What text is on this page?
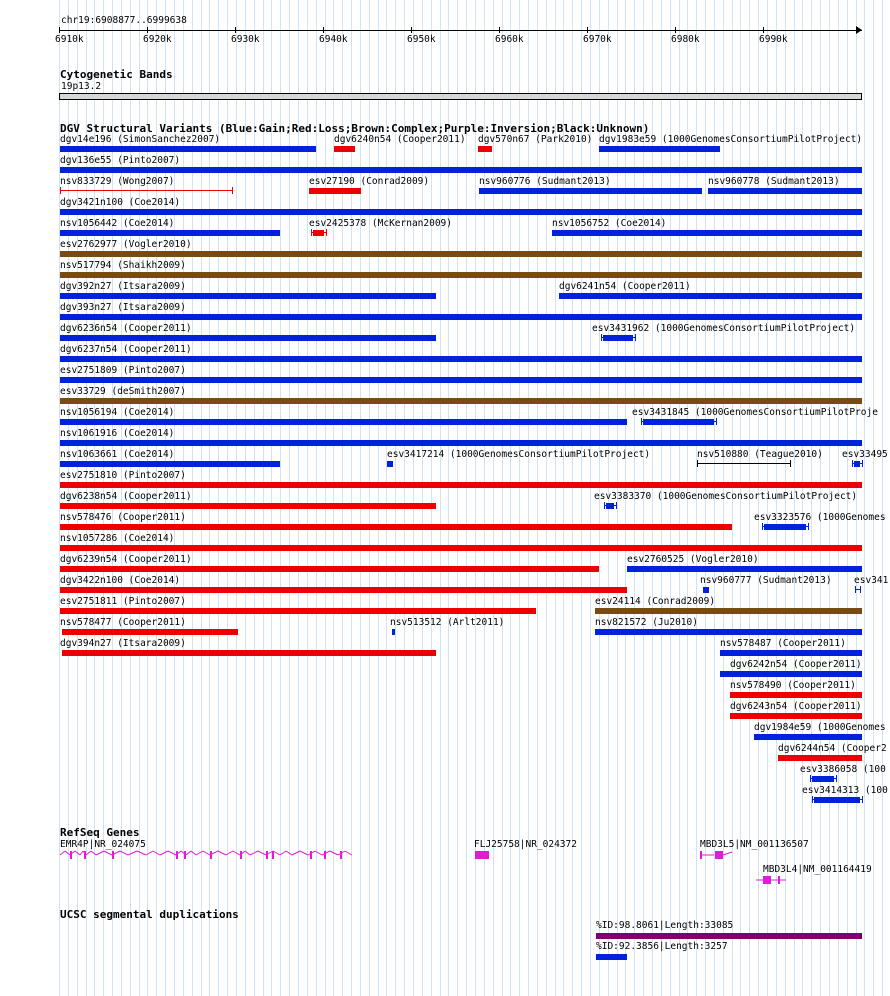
chr19:6908877..6999638
6910k	6920k	6930k	6940k	6950k	6960k	6970k	6980k	6990k
Cytogenetic Bands
19p13.2
DGV Structural Variants (Blue:Gain;Red:Loss;Brown:Complex;Purple:Inversion;Black:Unknown)
dgv14e196 (SimonSanchez2007)	dgv6240n54 (Cooper2011) dgv570n67 (Park2010) dgv1983e59 (1000GenomesConsortiumPilotProject)
dgv136e55 (Pinto2007)
nsv833729 (Wong2007)	esv27190 (Conrad2009)	nsv960776 (Sudmant2013)	nsv960778 (Sudmant2013)
dgv3421n100 (Coe2014)
nsv1056442 (Coe2014)	esv2425378 (McKernan2009)	nsv1056752 (Coe2014)
esv2762977 (Vogler2010)
nsv517794 (Shaikh2009)
dgv392n27 (Itsara2009)	dgv6241n54 (Cooper2011)
dgv393n27 (Itsara2009)
dgv6236n54 (Cooper2011)	esv3431962 (1000GenomesConsortiumPilotProject)
dgv6237n54 (Cooper2011)
esv2751809 (Pinto2007)
esv33729 (deSmith2007)
nsv1056194 (Coe2014)	esv3431845 (1000GenomesConsortiumPilotProje
nsv1061916 (Coe2014)
nsv1063661 (Coe2014)	esv3417214 (1000GenomesConsortiumPilotProject)	nsv510880 (Teague2010) esv33495
esv2751810 (Pinto2007)
dgv6238n54 (Cooper2011)	esv3383370 (1000GenomesConsortiumPilotProject)
nsv578476 (Cooper2011)	esv3323576 (1000Genomes
nsv1057286 (Coe2014)
dgv6239n54 (Cooper2011)	esv2760525 (Vogler2010)
dgv3422n100 (Coe2014)	nsv960777 (Sudmant2013) esv341
esv2751811 (Pinto2007)	esv24114 (Conrad2009)
nsv578477 (Cooper2011)	nsv513512 (Arlt2011)	nsv821572 (Ju2010)
dgv394n27 (Itsara2009)	nsv578487 (Cooper2011)
dgv6242n54 (Cooper2011)
nsv578490 (Cooper2011)
dgv6243n54 (Cooper2011)
dgv1984e59 (1000Genomes
dgv6244n54 (Cooper2
esv3386058 (100
esv3414313 (100
RefSeq Genes
EMR4P|NR_024075	FLJ25758|NR_024372	MBD3L5|NM_001136507
MBD3L4|NM_001164419
UCSC segmental duplications
%ID:98.8061|Length:33085
%ID:92.3856|Length:3257
